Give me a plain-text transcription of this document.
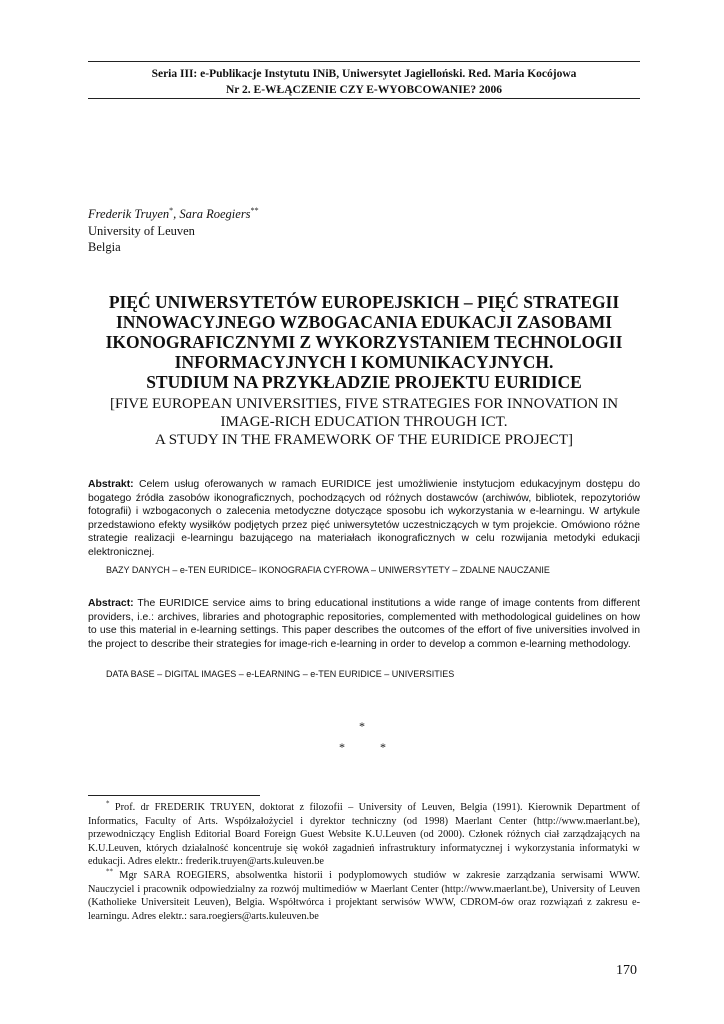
Seria III: e-Publikacje Instytutu INiB, Uniwersytet Jagielloński. Red. Maria Kocójowa
Nr 2. E-WŁĄCZENIE CZY E-WYOBCOWANIE? 2006
Frederik Truyen*, Sara Roegiers**
University of Leuven
Belgia
PIĘĆ UNIWERSYTETÓW EUROPEJSKICH – PIĘĆ STRATEGII
INNOWACYJNEGO WZBOGACANIA EDUKACJI ZASOBAMI
IKONOGRAFICZNYMI Z WYKORZYSTANIEM TECHNOLOGII
INFORMACYJNYCH I KOMUNIKACYJNYCH.
STUDIUM NA PRZYKŁADZIE PROJEKTU EURIDICE
[FIVE EUROPEAN UNIVERSITIES, FIVE STRATEGIES FOR INNOVATION IN
IMAGE-RICH EDUCATION THROUGH ICT.
A STUDY IN THE FRAMEWORK OF THE EURIDICE PROJECT]
Abstrakt: Celem usług oferowanych w ramach EURIDICE jest umożliwienie instytucjom edukacyjnym dostępu do bogatego źródła zasobów ikonograficznych, pochodzących od różnych dostawców (archiwów, bibliotek, repozytoriów fotografii) i wzbogaconych o zalecenia metodyczne dotyczące sposobu ich wykorzystania w e-learningu. W artykule przedstawiono efekty wysiłków podjętych przez pięć uniwersytetów uczestniczących w tym projekcie. Omówiono różne strategie realizacji e-learningu bazującego na materiałach ikonograficznych w celu rozwijania metodyki edukacji elektronicznej.
BAZY DANYCH – e-TEN EURIDICE– IKONOGRAFIA CYFROWA – UNIWERSYTETY – ZDALNE NAUCZANIE
Abstract: The EURIDICE service aims to bring educational institutions a wide range of image contents from different providers, i.e.: archives, libraries and photographic repositories, complemented with methodological guidelines on how to use this material in e-learning settings. This paper describes the outcomes of the effort of five universities involved in the project to describe their strategies for image-rich e-learning in order to develop a common e-learning methodology.
DATA BASE – DIGITAL IMAGES – e-LEARNING – e-TEN EURIDICE – UNIVERSITIES
*
*	*

* Prof. dr FREDERIK TRUYEN, doktorat z filozofii – University of Leuven, Belgia (1991). Kierownik Department of Informatics, Faculty of Arts. Współzałożyciel i dyrektor techniczny (od 1998) Maerlant Center (http://www.maerlant.be), przewodniczący English Editorial Board Foreign Guest Website K.U.Leuven (od 2000). Członek różnych ciał zarządzających na K.U.Leuven, których działalność koncentruje się wokół zagadnień infrastruktury informatycznej i wykorzystania informatyki w edukacji. Adres elektr.: frederik.truyen@arts.kuleuven.be

** Mgr SARA ROEGIERS, absolwentka historii i podyplomowych studiów w zakresie zarządzania serwisami WWW. Nauczyciel i pracownik odpowiedzialny za rozwój multimediów w Maerlant Center (http://www.maerlant.be), University of Leuven (Katholieke Universiteit Leuven), Belgia. Współtwórca i projektant serwisów WWW, CDROM-ów oraz rozwiązań z zakresu e-learningu. Adres elektr.: sara.roegiers@arts.kuleuven.be

170
